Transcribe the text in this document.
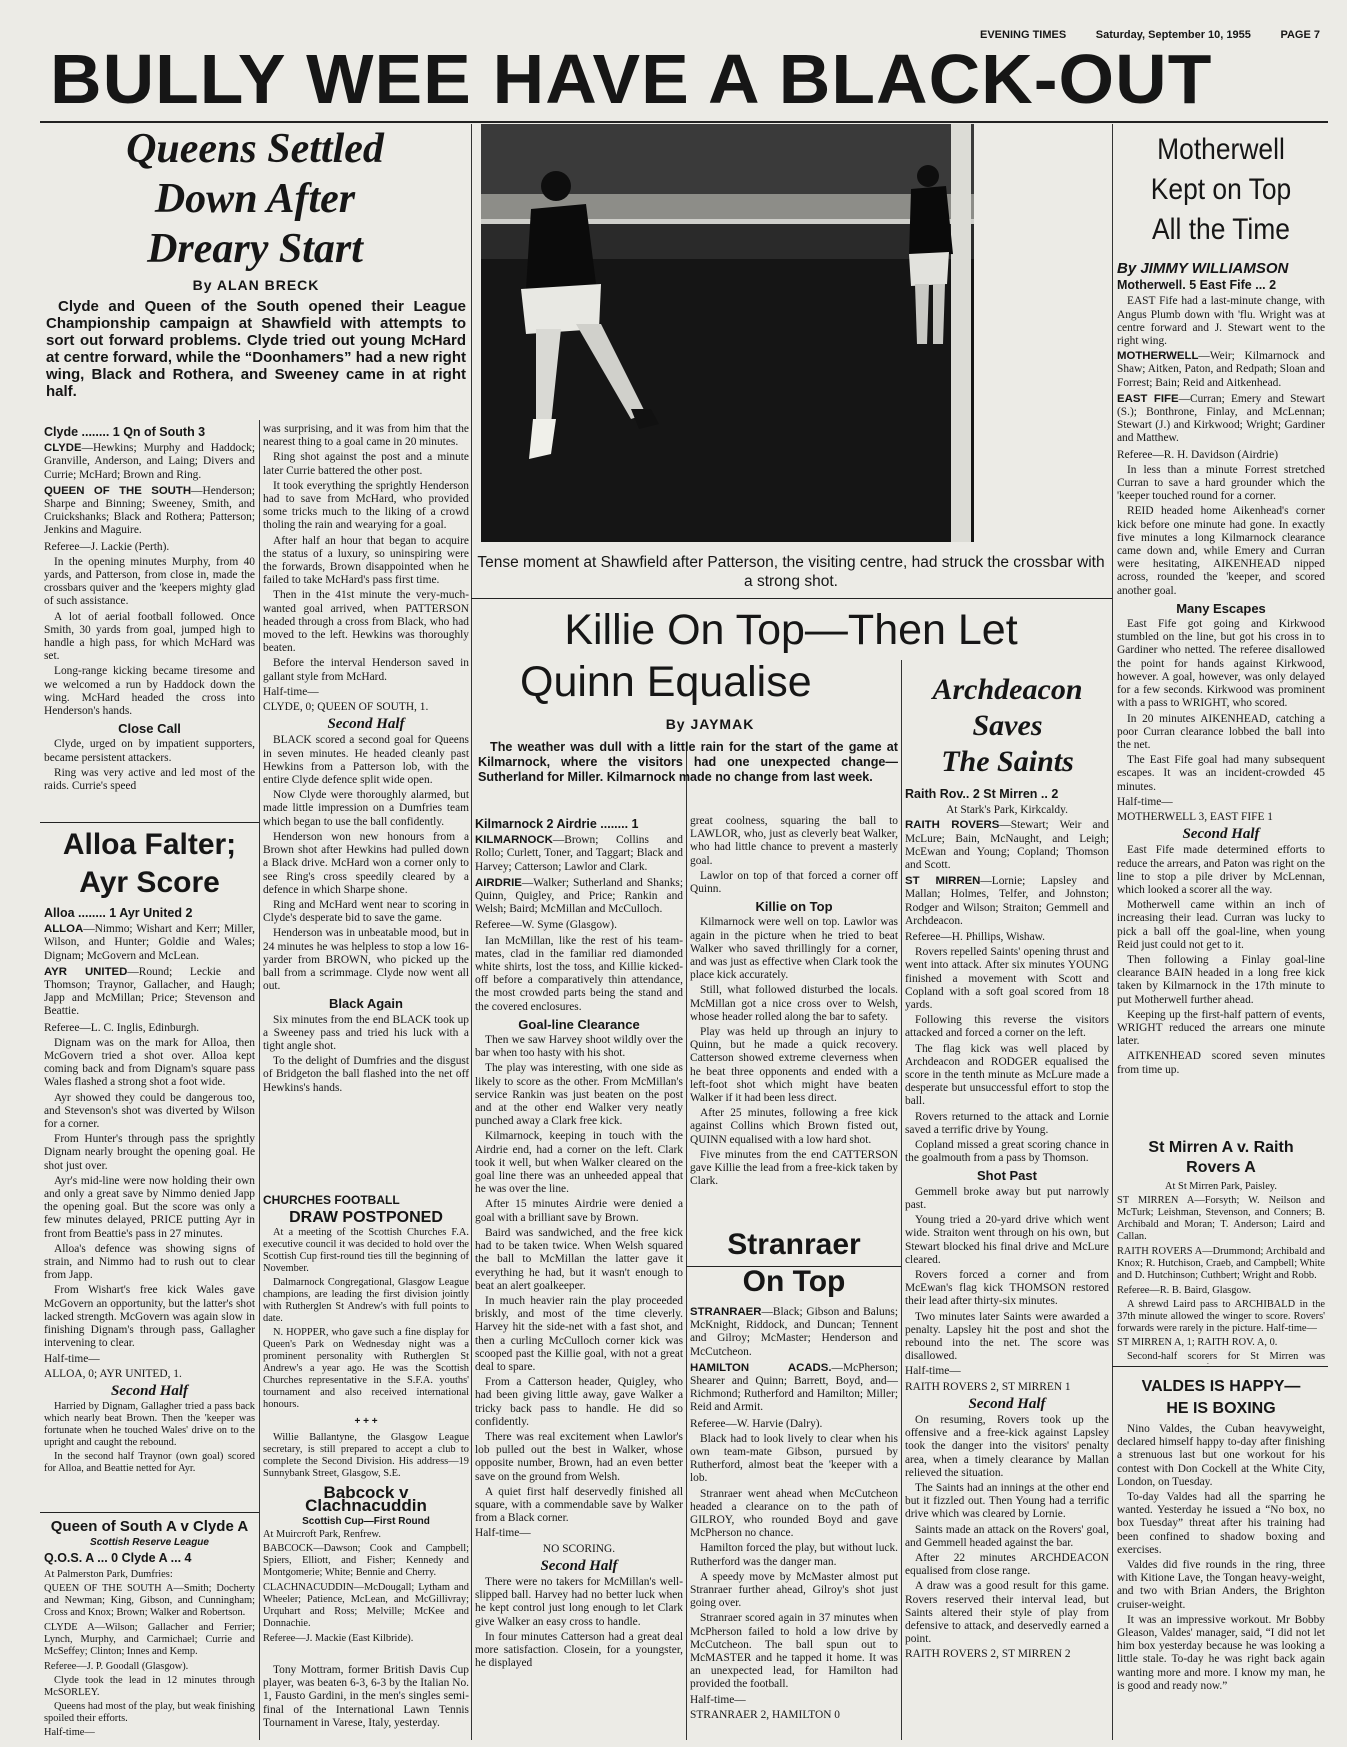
EVENING TIMES	Saturday, September 10, 1955	PAGE 7
BULLY WEE HAVE A BLACK-OUT
Queens Settled
Down After
Dreary Start
By ALAN BRECK

Clyde and Queen of the South opened their League Championship campaign at Shawfield with attempts to sort out forward problems. Clyde tried out young McHard at centre forward, while the “Doonhamers” had a new right wing, Black and Rothera, and Sweeney came in at right half.

Clyde ........ 1 Qn of South 3

CLYDE—Hewkins; Murphy and Haddock; Granville, Anderson, and Laing; Divers and Currie; McHard; Brown and Ring.

QUEEN OF THE SOUTH—Henderson; Sharpe and Binning; Sweeney, Smith, and Cruickshanks; Black and Rothera; Patterson; Jenkins and Maguire.

Referee—J. Lackie (Perth).

In the opening minutes Murphy, from 40 yards, and Patterson, from close in, made the crossbars quiver and the 'keepers mighty glad of such assistance.

A lot of aerial football followed. Once Smith, 30 yards from goal, jumped high to handle a high pass, for which McHard was set.

Long-range kicking became tiresome and we welcomed a run by Haddock down the wing. McHard headed the cross into Henderson's hands.

Close Call

Clyde, urged on by impatient supporters, became persistent attackers.

Ring was very active and led most of the raids. Currie's speed

Alloa Falter;
Ayr Score
Alloa ........ 1 Ayr United 2

ALLOA—Nimmo; Wishart and Kerr; Miller, Wilson, and Hunter; Goldie and Wales; Dignam; McGovern and McLean.

AYR UNITED—Round; Leckie and Thomson; Traynor, Gallacher, and Haugh; Japp and McMillan; Price; Stevenson and Beattie.

Referee—L. C. Inglis, Edinburgh.

Dignam was on the mark for Alloa, then McGovern tried a shot over. Alloa kept coming back and from Dignam's square pass Wales flashed a strong shot a foot wide.

Ayr showed they could be dangerous too, and Stevenson's shot was diverted by Wilson for a corner.

From Hunter's through pass the sprightly Dignam nearly brought the opening goal. He shot just over.

Ayr's mid-line were now holding their own and only a great save by Nimmo denied Japp the opening goal. But the score was only a few minutes delayed, PRICE putting Ayr in front from Beattie's pass in 27 minutes.

Alloa's defence was showing signs of strain, and Nimmo had to rush out to clear from Japp.

From Wishart's free kick Wales gave McGovern an opportunity, but the latter's shot lacked strength. McGovern was again slow in finishing Dignam's through pass, Gallagher intervening to clear.

Half-time—

ALLOA, 0; AYR UNITED, 1.

Second Half

Harried by Dignam, Gallagher tried a pass back which nearly beat Brown. Then the 'keeper was fortunate when he touched Wales' drive on to the upright and caught the rebound.

In the second half Traynor (own goal) scored for Alloa, and Beattie netted for Ayr.

Queen of South A v Clyde A
Scottish Reserve League
Q.O.S. A ... 0 Clyde A ... 4

At Palmerston Park, Dumfries:

QUEEN OF THE SOUTH A—Smith; Docherty and Newman; King, Gibson, and Cunningham; Cross and Knox; Brown; Walker and Robertson.

CLYDE A—Wilson; Gallacher and Ferrier; Lynch, Murphy, and Carmichael; Currie and McSeffey; Clinton; Innes and Kemp.

Referee—J. P. Goodall (Glasgow).

Clyde took the lead in 12 minutes through McSORLEY.

Queens had most of the play, but weak finishing spoiled their efforts.

Half-time—

was surprising, and it was from him that the nearest thing to a goal came in 20 minutes.

Ring shot against the post and a minute later Currie battered the other post.

It took everything the sprightly Henderson had to save from McHard, who provided some tricks much to the liking of a crowd tholing the rain and wearying for a goal.

After half an hour that began to acquire the status of a luxury, so uninspiring were the forwards, Brown disappointed when he failed to take McHard's pass first time.

Then in the 41st minute the very-much-wanted goal arrived, when PATTERSON headed through a cross from Black, who had moved to the left. Hewkins was thoroughly beaten.

Before the interval Henderson saved in gallant style from McHard.

Half-time—

CLYDE, 0; QUEEN OF SOUTH, 1.

Second Half

BLACK scored a second goal for Queens in seven minutes. He headed cleanly past Hewkins from a Patterson lob, with the entire Clyde defence split wide open.

Now Clyde were thoroughly alarmed, but made little impression on a Dumfries team which began to use the ball confidently.

Henderson won new honours from a Brown shot after Hewkins had pulled down a Black drive. McHard won a corner only to see Ring's cross speedily cleared by a defence in which Sharpe shone.

Ring and McHard went near to scoring in Clyde's desperate bid to save the game.

Henderson was in unbeatable mood, but in 24 minutes he was helpless to stop a low 16-yarder from BROWN, who picked up the ball from a scrimmage. Clyde now went all out.

Black Again

Six minutes from the end BLACK took up a Sweeney pass and tried his luck with a tight angle shot.

To the delight of Dumfries and the disgust of Bridgeton the ball flashed into the net off Hewkins's hands.

CHURCHES FOOTBALL
DRAW POSTPONED

At a meeting of the Scottish Churches F.A. executive council it was decided to hold over the Scottish Cup first-round ties till the beginning of November.

Dalmarnock Congregational, Glasgow League champions, are leading the first division jointly with Rutherglen St Andrew's with full points to date.

N. HOPPER, who gave such a fine display for Queen's Park on Wednesday night was a prominent personality with Rutherglen St Andrew's a year ago. He was the Scottish Churches representative in the S.F.A. youths' tournament and also received international honours.

+ + +

Willie Ballantyne, the Glasgow League secretary, is still prepared to accept a club to complete the Second Division. His address—19 Sunnybank Street, Glasgow, S.E.

Babcock v Clachnacuddin
Scottish Cup—First Round

At Muircroft Park, Renfrew.

BABCOCK—Dawson; Cook and Campbell; Spiers, Elliott, and Fisher; Kennedy and Montgomerie; White; Bennie and Cherry.

CLACHNACUDDIN—McDougall; Lytham and Wheeler; Patience, McLean, and McGillivray; Urquhart and Ross; Melville; McKee and Donnachie.

Referee—J. Mackie (East Kilbride).

Tony Mottram, former British Davis Cup player, was beaten 6-3, 6-3 by the Italian No. 1, Fausto Gardini, in the men's singles semi-final of the International Lawn Tennis Tournament in Varese, Italy, yesterday.

Tense moment at Shawfield after Patterson, the visiting centre, had struck the crossbar with a strong shot.
Killie On Top—Then Let
Quinn Equalise
By JAYMAK

The weather was dull with a little rain for the start of the game at Kilmarnock, where the visitors had one unexpected change—Sutherland for Miller. Kilmarnock made no change from last week.

Archdeacon
Saves
The Saints
Kilmarnock 2 Airdrie ........ 1

KILMARNOCK—Brown; Collins and Rollo; Curlett, Toner, and Taggart; Black and Harvey; Catterson; Lawlor and Clark.

AIRDRIE—Walker; Sutherland and Shanks; Quinn, Quigley, and Price; Rankin and Welsh; Baird; McMillan and McCulloch.

Referee—W. Syme (Glasgow).

Ian McMillan, like the rest of his team-mates, clad in the familiar red diamonded white shirts, lost the toss, and Killie kicked-off before a comparatively thin attendance, the most crowded parts being the stand and the covered enclosures.

Goal-line Clearance

Then we saw Harvey shoot wildly over the bar when too hasty with his shot.

The play was interesting, with one side as likely to score as the other. From McMillan's service Rankin was just beaten on the post and at the other end Walker very neatly punched away a Clark free kick.

Kilmarnock, keeping in touch with the Airdrie end, had a corner on the left. Clark took it well, but when Walker cleared on the goal line there was an unheeded appeal that he was over the line.

After 15 minutes Airdrie were denied a goal with a brilliant save by Brown.

Baird was sandwiched, and the free kick had to be taken twice. When Welsh squared the ball to McMillan the latter gave it everything he had, but it wasn't enough to beat an alert goalkeeper.

In much heavier rain the play proceeded briskly, and most of the time cleverly. Harvey hit the side-net with a fast shot, and then a curling McCulloch corner kick was scooped past the Killie goal, with not a great deal to spare.

From a Catterson header, Quigley, who had been giving little away, gave Walker a tricky back pass to handle. He did so confidently.

There was real excitement when Lawlor's lob pulled out the best in Walker, whose opposite number, Brown, had an even better save on the ground from Welsh.

A quiet first half deservedly finished all square, with a commendable save by Walker from a Black corner.

Half-time—

NO SCORING.

Second Half

There were no takers for McMillan's well-slipped ball. Harvey had no better luck when he kept control just long enough to let Clark give Walker an easy cross to handle.

In four minutes Catterson had a great deal more satisfaction. Closein, for a youngster, he displayed

great coolness, squaring the ball to LAWLOR, who, just as cleverly beat Walker, who had little chance to prevent a masterly goal.

Lawlor on top of that forced a corner off Quinn.

Killie on Top

Kilmarnock were well on top. Lawlor was again in the picture when he tried to beat Walker who saved thrillingly for a corner, and was just as effective when Clark took the place kick accurately.

Still, what followed disturbed the locals. McMillan got a nice cross over to Welsh, whose header rolled along the bar to safety.

Play was held up through an injury to Quinn, but he made a quick recovery. Catterson showed extreme cleverness when he beat three opponents and ended with a left-foot shot which might have beaten Walker if it had been less direct.

After 25 minutes, following a free kick against Collins which Brown fisted out, QUINN equalised with a low hard shot.

Five minutes from the end CATTERSON gave Killie the lead from a free-kick taken by Clark.

Stranraer
On Top

STRANRAER—Black; Gibson and Baluns; McKnight, Riddock, and Duncan; Tennent and Gilroy; McMaster; Henderson and McCutcheon.

HAMILTON ACADS.—McPherson; Shearer and Quinn; Barrett, Boyd, and—Richmond; Rutherford and Hamilton; Miller; Reid and Armit.

Referee—W. Harvie (Dalry).

Black had to look lively to clear when his own team-mate Gibson, pursued by Rutherford, almost beat the 'keeper with a lob.

Stranraer went ahead when McCutcheon headed a clearance on to the path of GILROY, who rounded Boyd and gave McPherson no chance.

Hamilton forced the play, but without luck. Rutherford was the danger man.

A speedy move by McMaster almost put Stranraer further ahead, Gilroy's shot just going over.

Stranraer scored again in 37 minutes when McPherson failed to hold a low drive by McCutcheon. The ball spun out to McMASTER and he tapped it home. It was an unexpected lead, for Hamilton had provided the football.

Half-time—

STRANRAER 2, HAMILTON 0

Raith Rov.. 2 St Mirren .. 2

At Stark's Park, Kirkcaldy.

RAITH ROVERS—Stewart; Weir and McLure; Bain, McNaught, and Leigh; McEwan and Young; Copland; Thomson and Scott.

ST MIRREN—Lornie; Lapsley and Mallan; Holmes, Telfer, and Johnston; Rodger and Wilson; Straiton; Gemmell and Archdeacon.

Referee—H. Phillips, Wishaw.

Rovers repelled Saints' opening thrust and went into attack. After six minutes YOUNG finished a movement with Scott and Copland with a soft goal scored from 18 yards.

Following this reverse the visitors attacked and forced a corner on the left.

The flag kick was well placed by Archdeacon and RODGER equalised the score in the tenth minute as McLure made a desperate but unsuccessful effort to stop the ball.

Rovers returned to the attack and Lornie saved a terrific drive by Young.

Copland missed a great scoring chance in the goalmouth from a pass by Thomson.

Shot Past

Gemmell broke away but put narrowly past.

Young tried a 20-yard drive which went wide. Straiton went through on his own, but Stewart blocked his final drive and McLure cleared.

Rovers forced a corner and from McEwan's flag kick THOMSON restored their lead after thirty-six minutes.

Two minutes later Saints were awarded a penalty. Lapsley hit the post and shot the rebound into the net. The score was disallowed.

Half-time—

RAITH ROVERS 2, ST MIRREN 1

Second Half

On resuming, Rovers took up the offensive and a free-kick against Lapsley took the danger into the visitors' penalty area, when a timely clearance by Mallan relieved the situation.

The Saints had an innings at the other end but it fizzled out. Then Young had a terrific drive which was cleared by Lornie.

Saints made an attack on the Rovers' goal, and Gemmell headed against the bar.

After 22 minutes ARCHDEACON equalised from close range.

A draw was a good result for this game. Rovers reserved their interval lead, but Saints altered their style of play from defensive to attack, and deservedly earned a point.

RAITH ROVERS 2, ST MIRREN 2

Motherwell
Kept on Top
All the Time
By JIMMY WILLIAMSON
Motherwell. 5 East Fife ... 2

EAST Fife had a last-minute change, with Angus Plumb down with 'flu. Wright was at centre forward and J. Stewart went to the right wing.

MOTHERWELL—Weir; Kilmarnock and Shaw; Aitken, Paton, and Redpath; Sloan and Forrest; Bain; Reid and Aitkenhead.

EAST FIFE—Curran; Emery and Stewart (S.); Bonthrone, Finlay, and McLennan; Stewart (J.) and Kirkwood; Wright; Gardiner and Matthew.

Referee—R. H. Davidson (Airdrie)

In less than a minute Forrest stretched Curran to save a hard grounder which the 'keeper touched round for a corner.

REID headed home Aikenhead's corner kick before one minute had gone. In exactly five minutes a long Kilmarnock clearance came down and, while Emery and Curran were hesitating, AIKENHEAD nipped across, rounded the 'keeper, and scored another goal.

Many Escapes

East Fife got going and Kirkwood stumbled on the line, but got his cross in to Gardiner who netted. The referee disallowed the point for hands against Kirkwood, however. A goal, however, was only delayed for a few seconds. Kirkwood was prominent with a pass to WRIGHT, who scored.

In 20 minutes AIKENHEAD, catching a poor Curran clearance lobbed the ball into the net.

The East Fife goal had many subsequent escapes. It was an incident-crowded 45 minutes.

Half-time—

MOTHERWELL 3, EAST FIFE 1

Second Half

East Fife made determined efforts to reduce the arrears, and Paton was right on the line to stop a pile driver by McLennan, which looked a scorer all the way.

Motherwell came within an inch of increasing their lead. Curran was lucky to pick a ball off the goal-line, when young Reid just could not get to it.

Then following a Finlay goal-line clearance BAIN headed in a long free kick taken by Kilmarnock in the 17th minute to put Motherwell further ahead.

Keeping up the first-half pattern of events, WRIGHT reduced the arrears one minute later.

AITKENHEAD scored seven minutes from time up.

St Mirren A v. Raith
Rovers A

At St Mirren Park, Paisley.

ST MIRREN A—Forsyth; W. Neilson and McTurk; Leishman, Stevenson, and Conners; B. Archibald and Moran; T. Anderson; Laird and Callan.

RAITH ROVERS A—Drummond; Archibald and Knox; R. Hutchison, Craeb, and Campbell; White and D. Hutchinson; Cuthbert; Wright and Robb.

Referee—R. B. Baird, Glasgow.

A shrewd Laird pass to ARCHIBALD in the 37th minute allowed the winger to score. Rovers' forwards were rarely in the picture. Half-time—

ST MIRREN A, 1; RAITH ROV. A, 0.

Second-half scorers for St Mirren was

VALDES IS HAPPY—
HE IS BOXING

Nino Valdes, the Cuban heavyweight, declared himself happy to-day after finishing a strenuous last but one workout for his contest with Don Cockell at the White City, London, on Tuesday.

To-day Valdes had all the sparring he wanted. Yesterday he issued a “No box, no box Tuesday” threat after his training had been confined to shadow boxing and exercises.

Valdes did five rounds in the ring, three with Kitione Lave, the Tongan heavy-weight, and two with Brian Anders, the Brighton cruiser-weight.

It was an impressive workout. Mr Bobby Gleason, Valdes' manager, said, “I did not let him box yesterday because he was looking a little stale. To-day he was right back again wanting more and more. I know my man, he is good and ready now.”
